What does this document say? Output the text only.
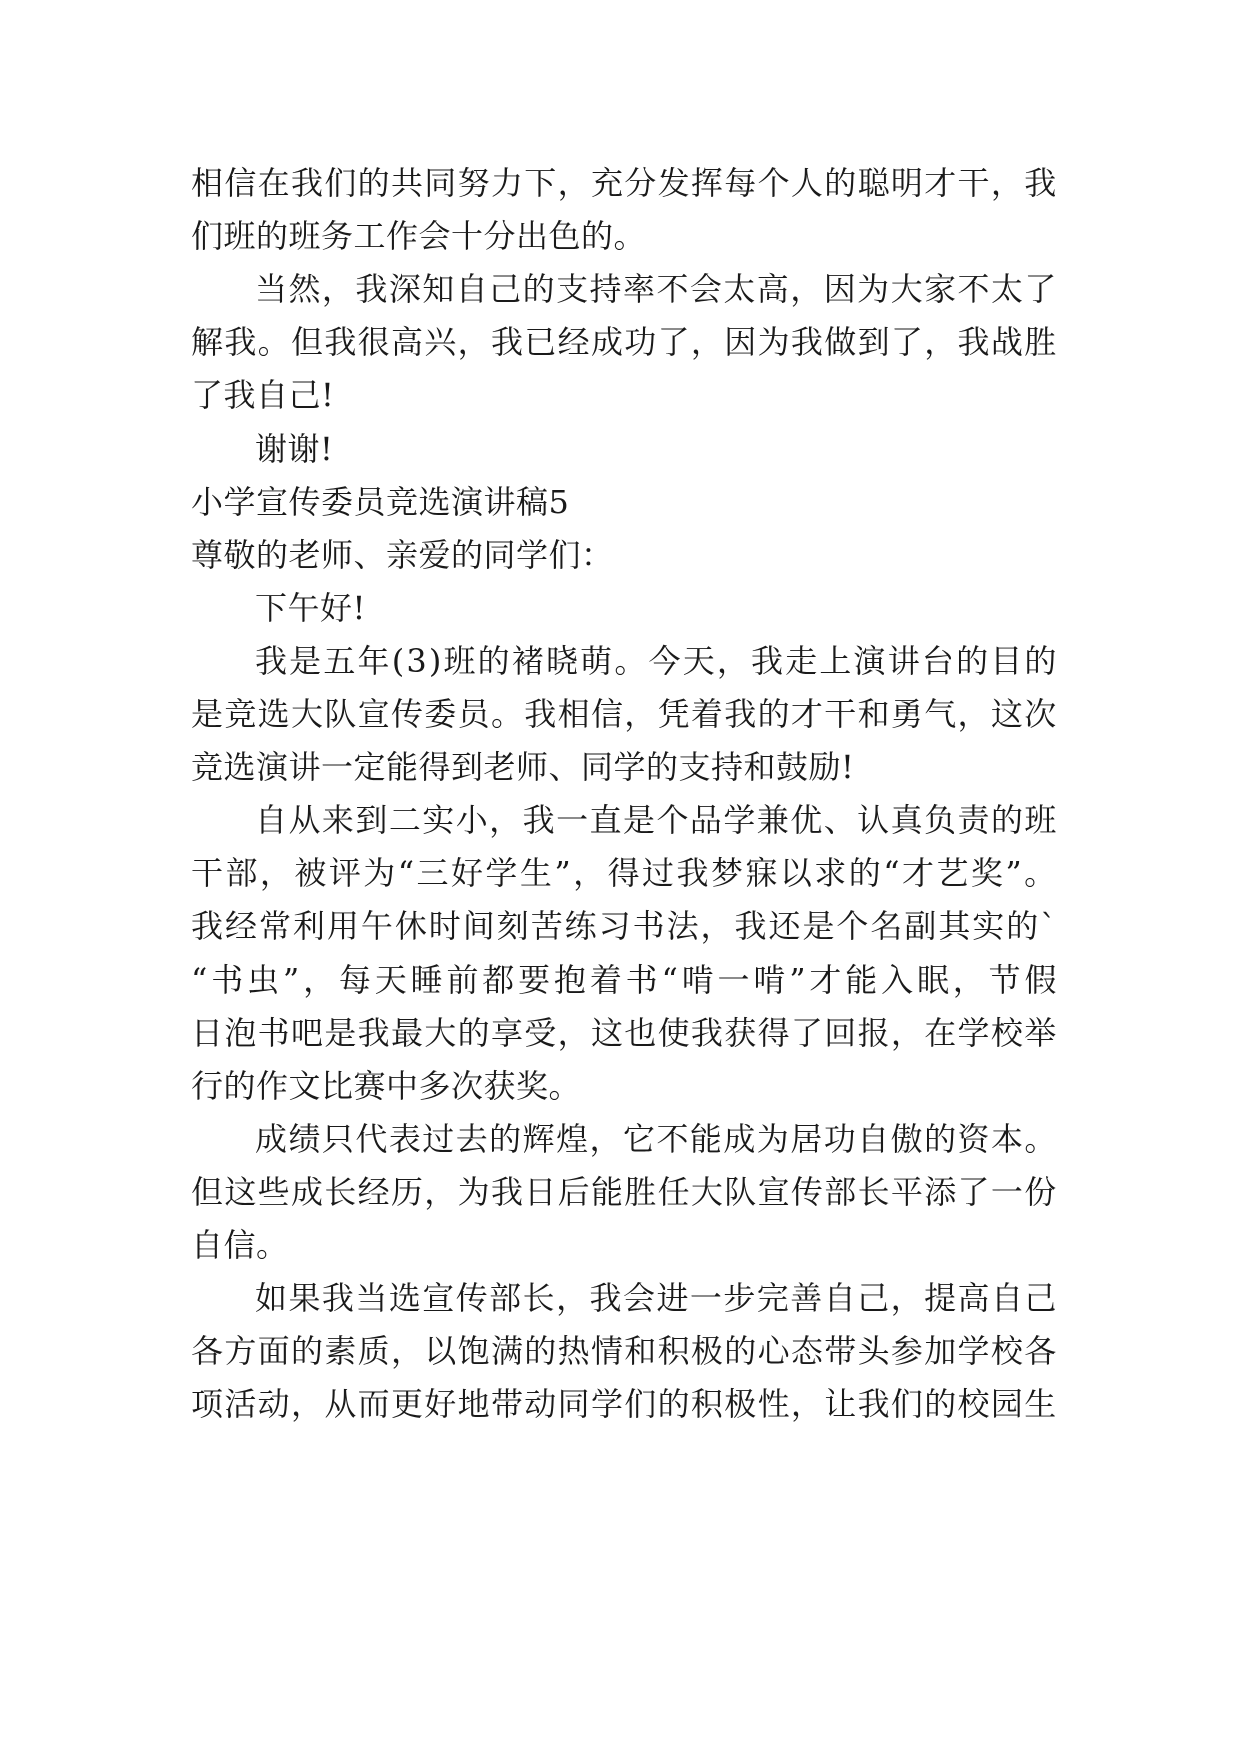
相 信 在 我 们 的 共 同 努 力 下 ， 充 分 发 挥 每 个 人 的 聪 明 才 干 ， 我
们班的班务工作会十分出色的。
当 然 ， 我 深 知 自 己 的 支 持 率 不 会 太 高 ， 因 为 大 家 不 太 了
解 我 。 但 我 很 高 兴 ， 我 已 经 成 功 了 ， 因 为 我 做 到 了 ， 我 战 胜
了我自己!
谢谢!
小学宣传委员竞选演讲稿5
尊敬的老师、亲爱的同学们：
下午好!
我 是 五 年 ( 3 ) 班 的 褚 晓 萌 。 今 天 ， 我 走 上 演 讲 台 的 目 的
是 竞 选 大 队 宣 传 委 员 。 我 相 信 ， 凭 着 我 的 才 干 和 勇 气 ， 这 次
竞选演讲一定能得到老师、同学的支持和鼓励!
自 从 来 到 二 实 小 ， 我 一 直 是 个 品 学 兼 优 、 认 真 负 责 的 班
干 部 ， 被 评 为 “ 三 好 学 生 ” ， 得 过 我 梦 寐 以 求 的 “ 才 艺 奖 ” 。
我 经 常 利 用 午 休 时 间 刻 苦 练 习 书 法 ， 我 还 是 个 名 副 其 实 的 `
“ 书 虫 ” ， 每 天 睡 前 都 要 抱 着 书 “ 啃 一 啃 ” 才 能 入 眠 ， 节 假
日 泡 书 吧 是 我 最 大 的 享 受 ， 这 也 使 我 获 得 了 回 报 ， 在 学 校 举
行的作文比赛中多次获奖。
成 绩 只 代 表 过 去 的 辉 煌 ， 它 不 能 成 为 居 功 自 傲 的 资 本 。
但 这 些 成 长 经 历 ， 为 我 日 后 能 胜 任 大 队 宣 传 部 长 平 添 了 一 份
自信。
如 果 我 当 选 宣 传 部 长 ， 我 会 进 一 步 完 善 自 己 ， 提 高 自 己
各 方 面 的 素 质 ， 以 饱 满 的 热 情 和 积 极 的 心 态 带 头 参 加 学 校 各
项 活 动 ， 从 而 更 好 地 带 动 同 学 们 的 积 极 性 ， 让 我 们 的 校 园 生
